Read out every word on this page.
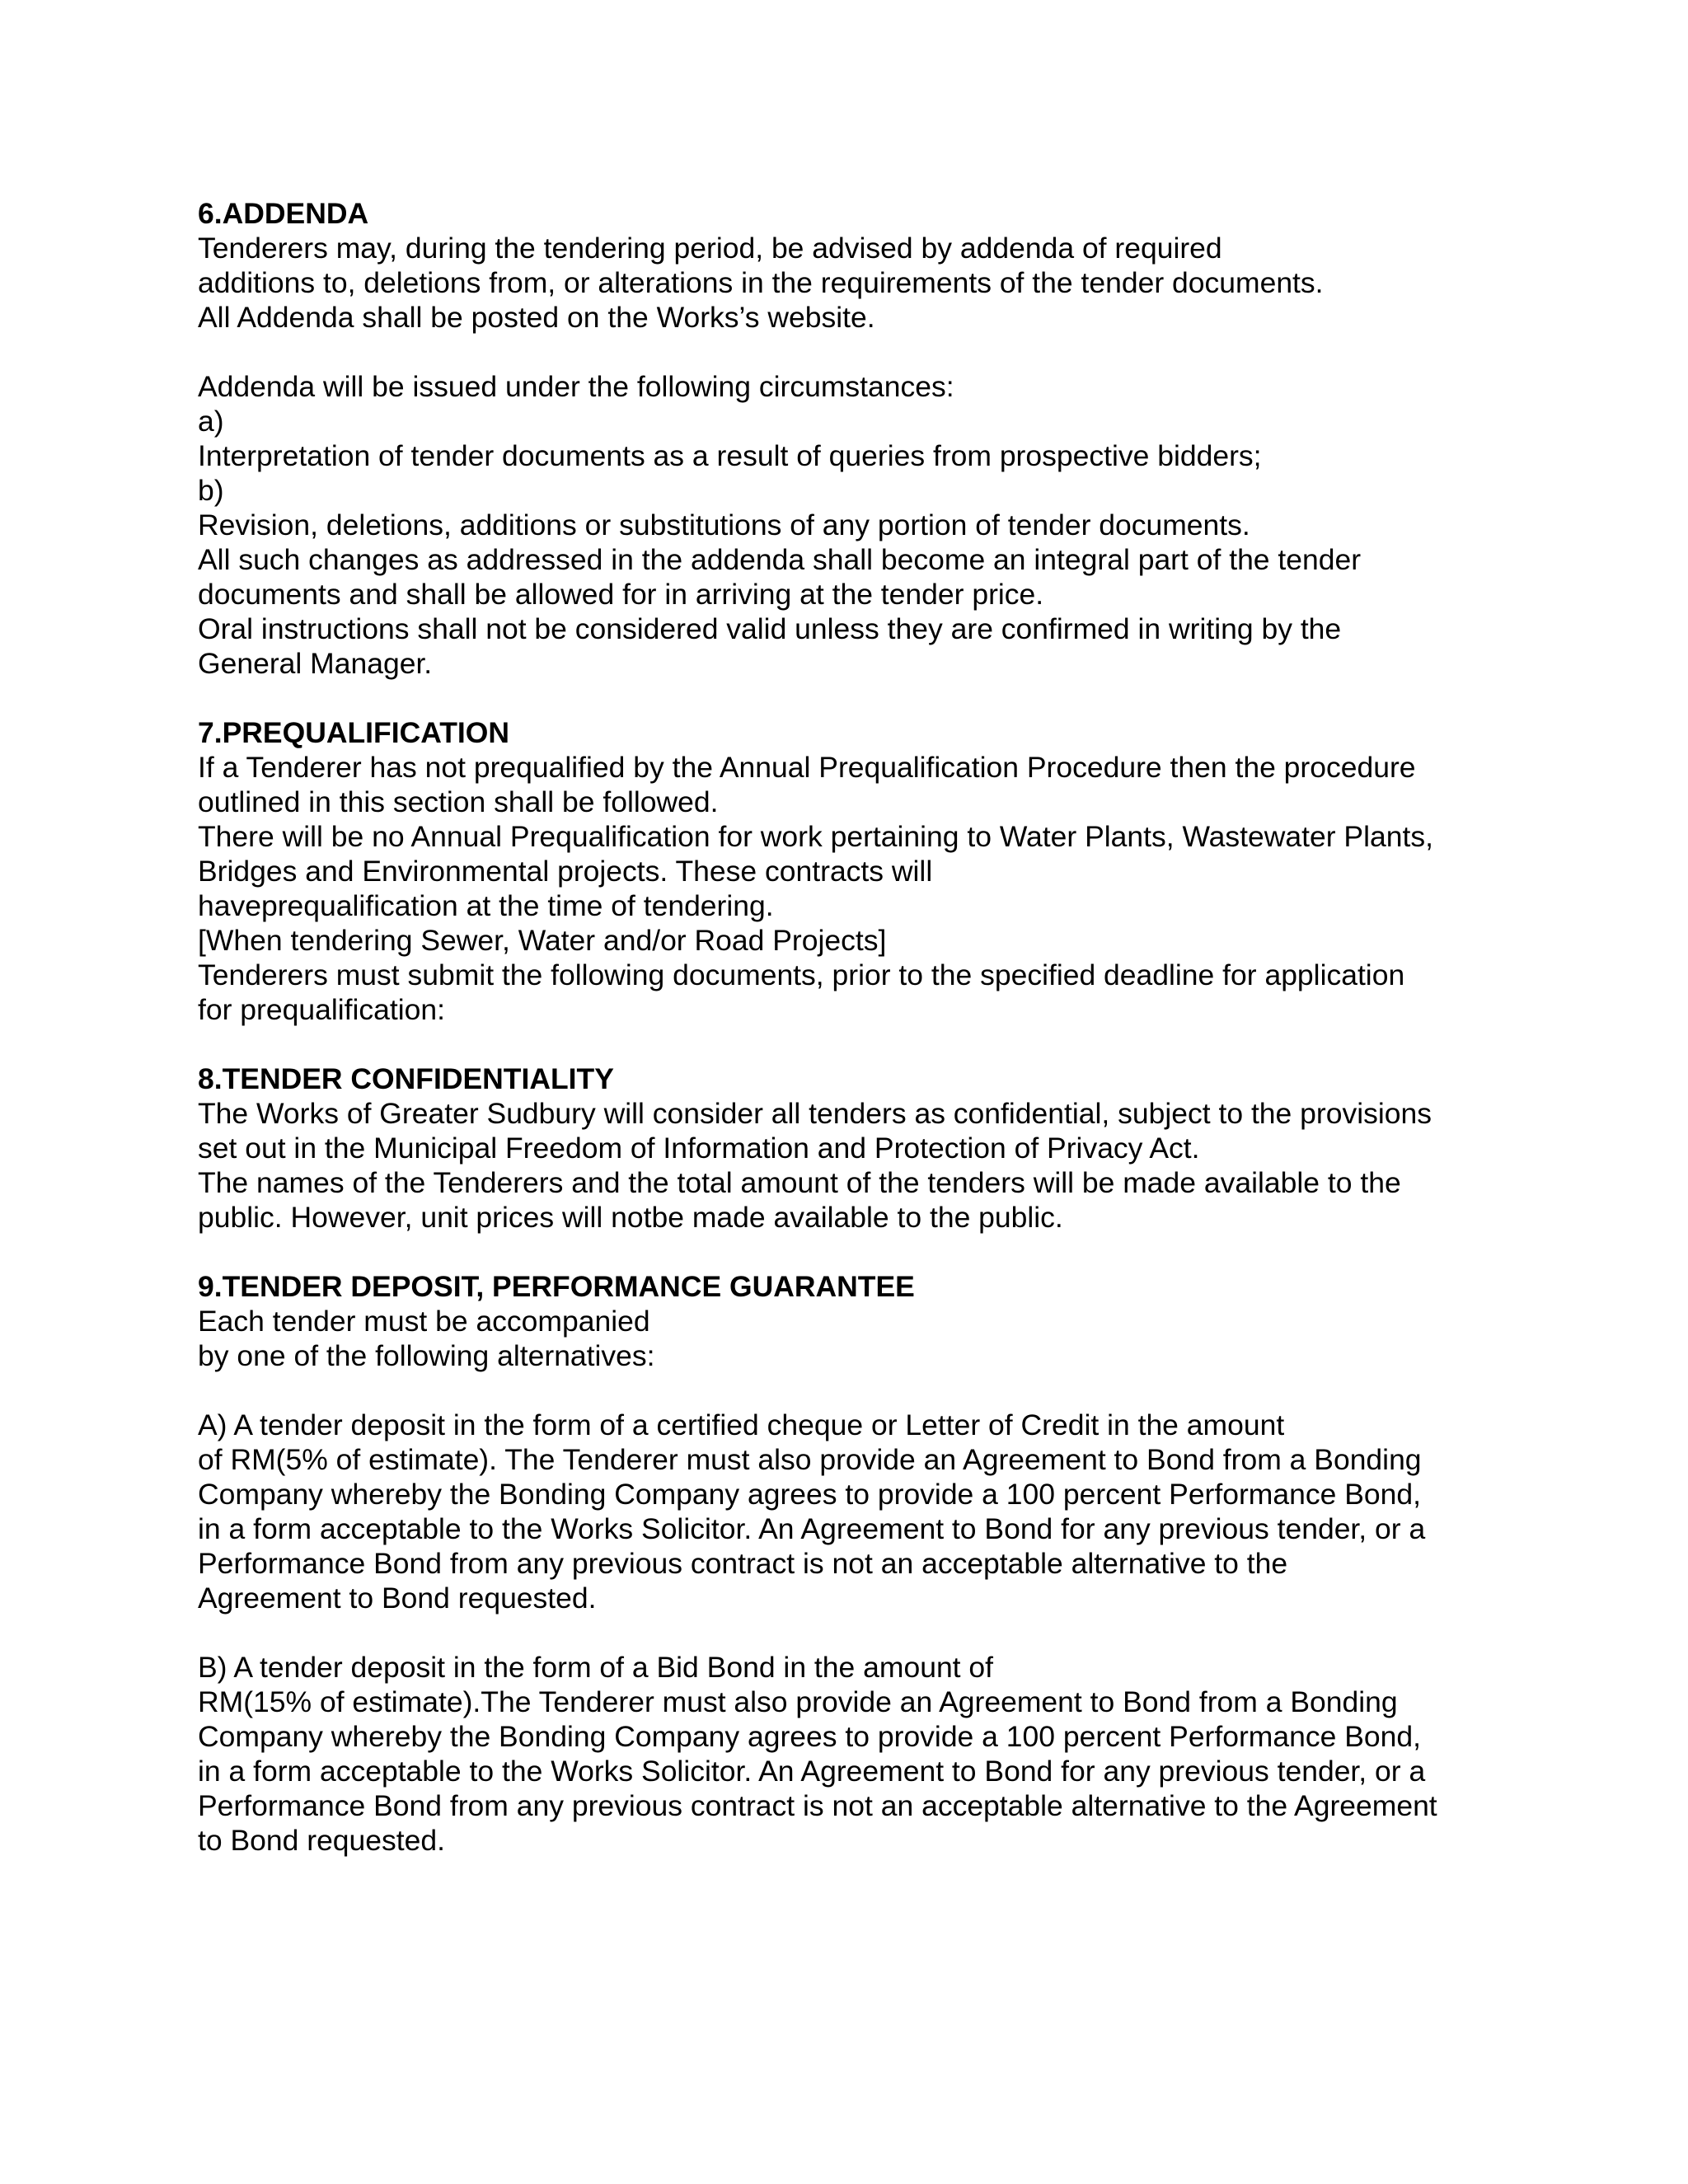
6.ADDENDA
Tenderers may, during the tendering period, be advised by addenda of required
additions to, deletions from, or alterations in the requirements of the tender documents.
All Addenda shall be posted on the Works’s website.
Addenda will be issued under the following circumstances:
a)
Interpretation of tender documents as a result of queries from prospective bidders;
b)
Revision, deletions, additions or substitutions of any portion of tender documents.
All such changes as addressed in the addenda shall become an integral part of the tender
documents and shall be allowed for in arriving at the tender price.
Oral instructions shall not be considered valid unless they are confirmed in writing by the
General Manager.
7.PREQUALIFICATION
If a Tenderer has not prequalified by the Annual Prequalification Procedure then the procedure
outlined in this section shall be followed.
There will be no Annual Prequalification for work pertaining to Water Plants, Wastewater Plants,
Bridges and Environmental projects. These contracts will
haveprequalification at the time of tendering.
[When tendering Sewer, Water and/or Road Projects]
Tenderers must submit the following documents, prior to the specified deadline for application
for prequalification:
8.TENDER CONFIDENTIALITY
The Works of Greater Sudbury will consider all tenders as confidential, subject to the provisions
set out in the Municipal Freedom of Information and Protection of Privacy Act.
The names of the Tenderers and the total amount of the tenders will be made available to the
public. However, unit prices will notbe made available to the public.
9.TENDER DEPOSIT, PERFORMANCE GUARANTEE
Each tender must be accompanied
by one of the following alternatives:
A) A tender deposit in the form of a certified cheque or Letter of Credit in the amount
of RM(5% of estimate). The Tenderer must also provide an Agreement to Bond from a Bonding
Company whereby the Bonding Company agrees to provide a 100 percent Performance Bond,
in a form acceptable to the Works Solicitor. An Agreement to Bond for any previous tender, or a
Performance Bond from any previous contract is not an acceptable alternative to the
Agreement to Bond requested.
B) A tender deposit in the form of a Bid Bond in the amount of
RM(15% of estimate).The Tenderer must also provide an Agreement to Bond from a Bonding
Company whereby the Bonding Company agrees to provide a 100 percent Performance Bond,
in a form acceptable to the Works Solicitor. An Agreement to Bond for any previous tender, or a
Performance Bond from any previous contract is not an acceptable alternative to the Agreement
to Bond requested.
